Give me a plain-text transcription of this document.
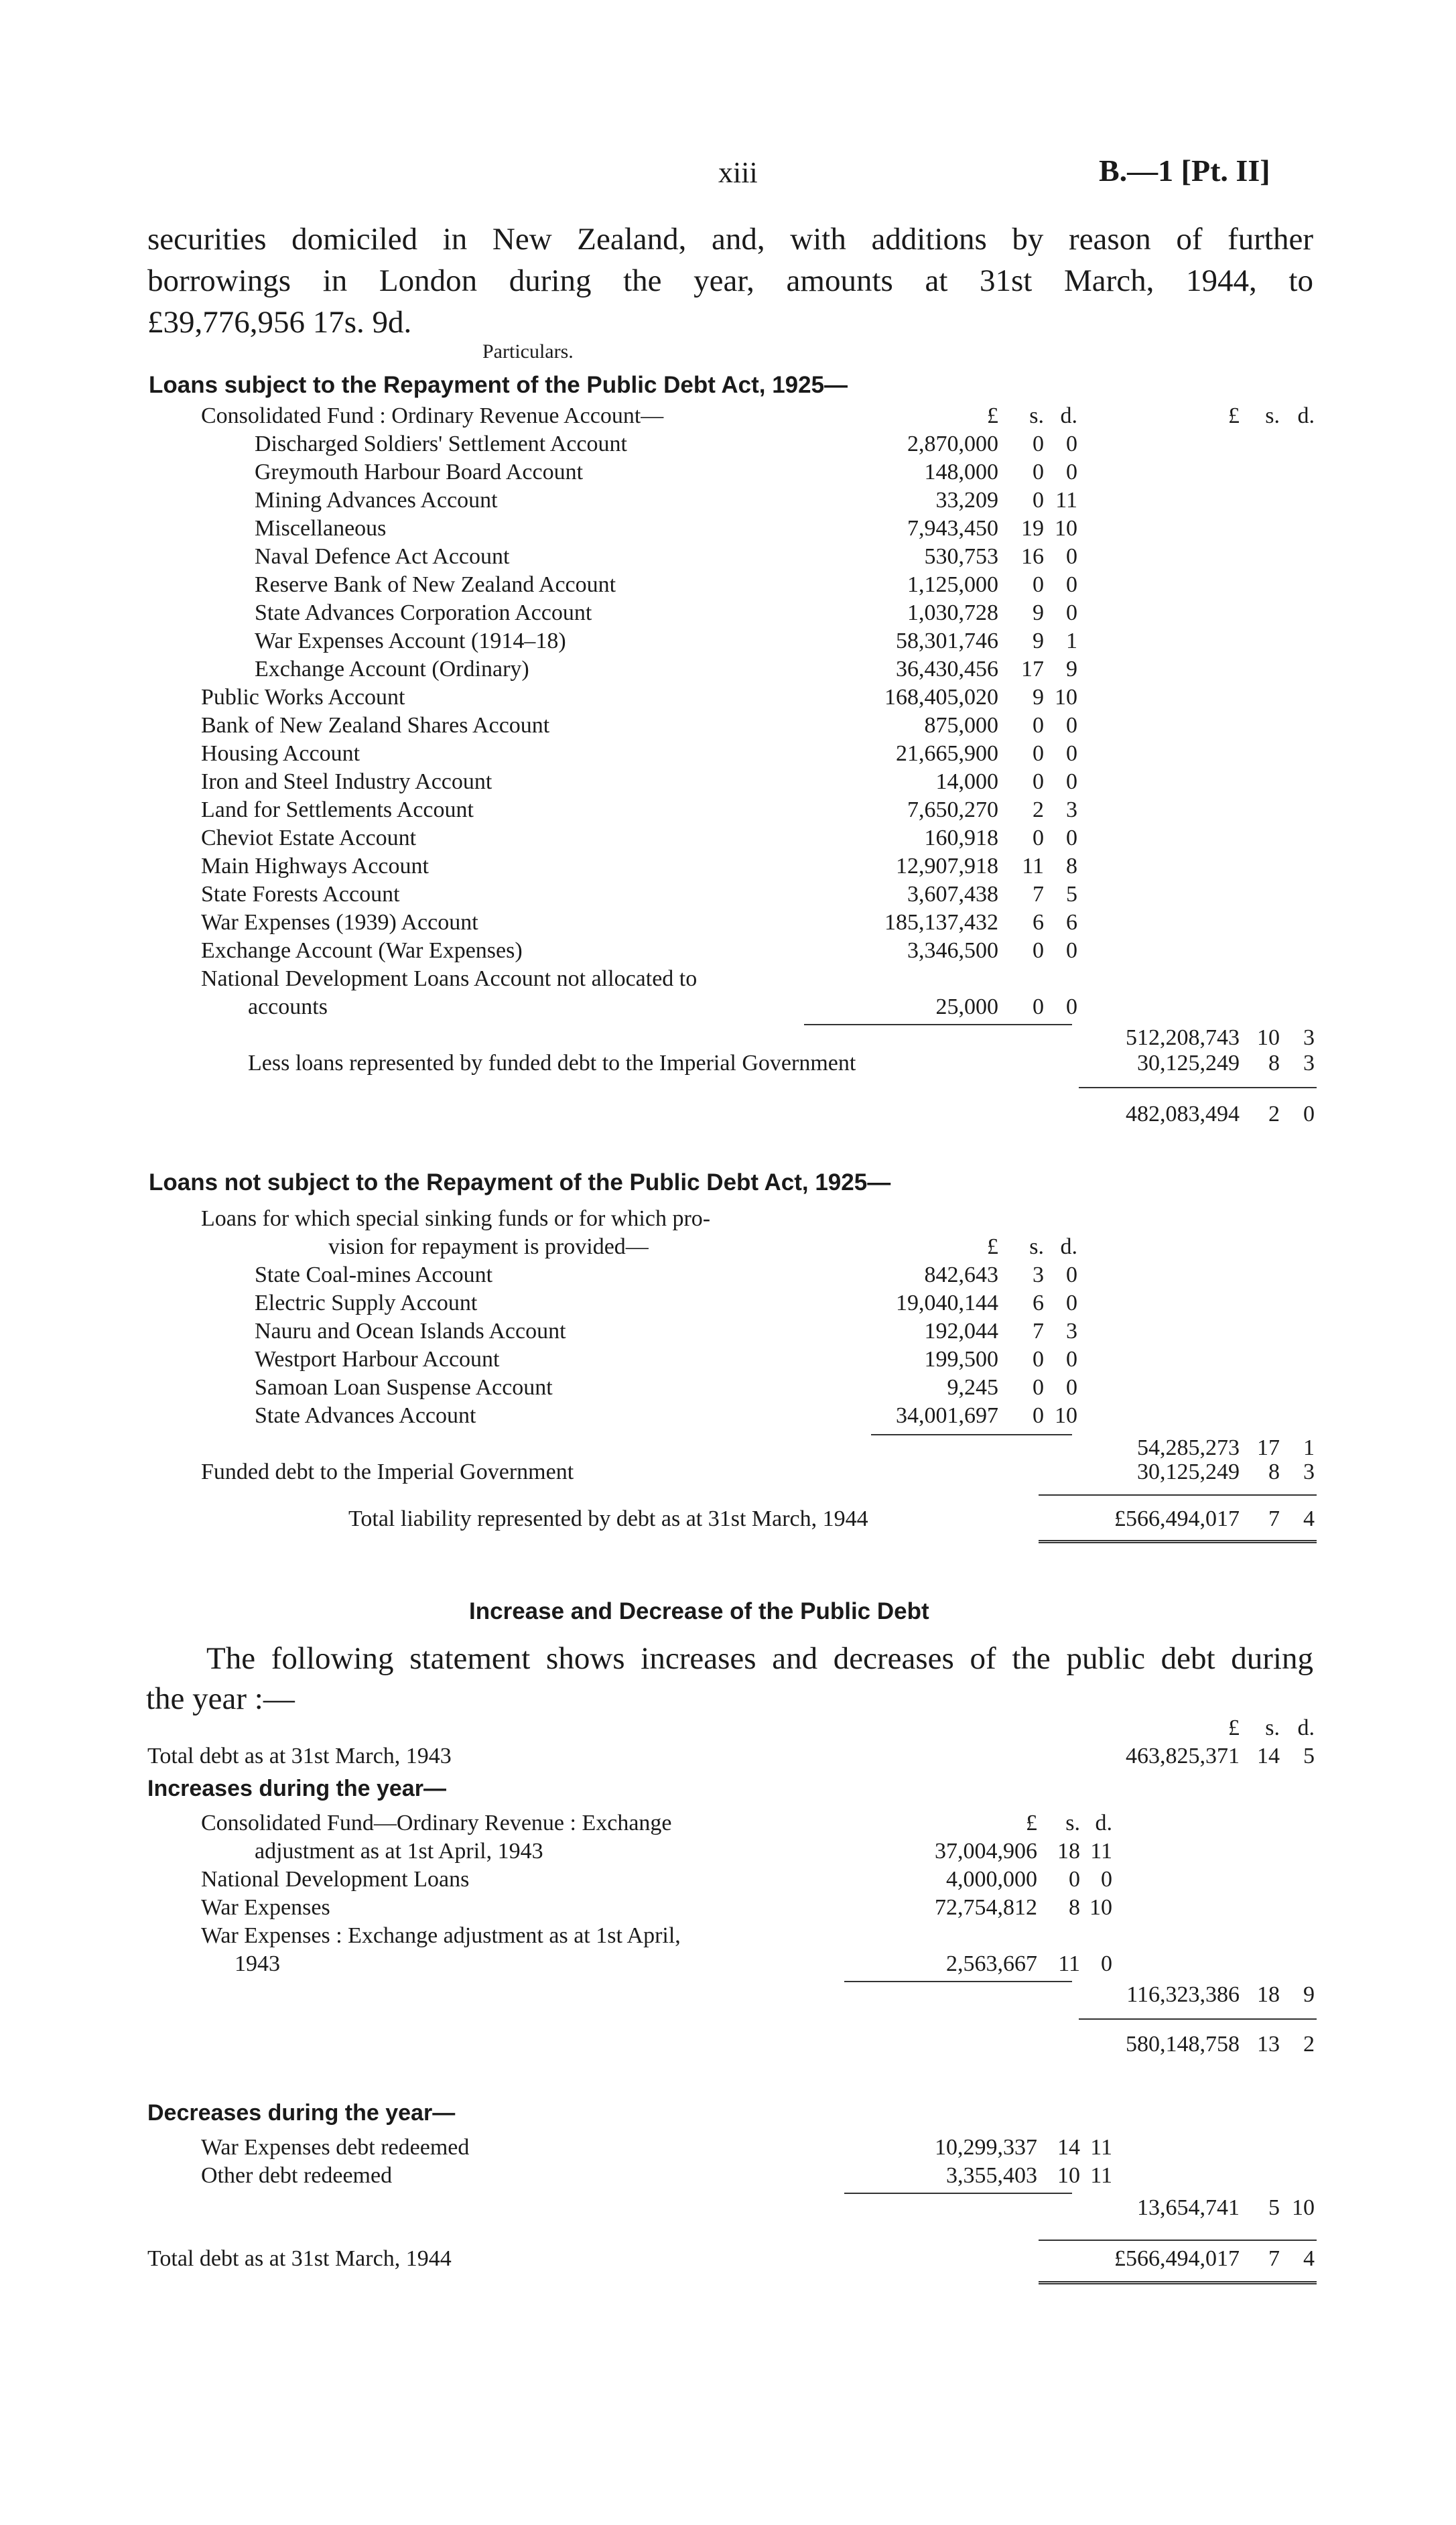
xiii	B.—1 [Pt. II]
securities domiciled in New Zealand, and, with additions by reason of further
borrowings in London during the year, amounts at 31st March, 1944, to
£39,776,956 17s. 9d.
Particulars.
Loans subject to the Repayment of the Public Debt Act, 1925—
£	s. d.	£	s. d.
Consolidated Fund : Ordinary Revenue Account—
Discharged Soldiers' Settlement Account	2,870,000	0 0
Greymouth Harbour Board Account	148,000	0 0
Mining Advances Account	33,209	0 11
Miscellaneous	7,943,450	19 10
Naval Defence Act Account	530,753	16 0
Reserve Bank of New Zealand Account	1,125,000	0 0
State Advances Corporation Account	1,030,728	9 0
War Expenses Account (1914–18)	58,301,746	9 1
Exchange Account (Ordinary)	36,430,456	17 9
Public Works Account	168,405,020	9 10
Bank of New Zealand Shares Account	875,000	0 0
Housing Account	21,665,900	0 0
Iron and Steel Industry Account	14,000	0 0
Land for Settlements Account	7,650,270	2 3
Cheviot Estate Account	160,918	0 0
Main Highways Account	12,907,918	11 8
State Forests Account	3,607,438	7 5
War Expenses (1939) Account	185,137,432	6 6
Exchange Account (War Expenses)	3,346,500	0 0
National Development Loans Account not allocated to
accounts	25,000	0 0
512,208,743 10	3
Less loans represented by funded debt to the Imperial Government	30,125,249	8	3
482,083,494	2	0
Loans not subject to the Repayment of the Public Debt Act, 1925—
Loans for which special sinking funds or for which pro-
vision for repayment is provided—	£	s. d.
State Coal-mines Account	842,643	3 0
Electric Supply Account	19,040,144	6 0
Nauru and Ocean Islands Account	192,044	7 3
Westport Harbour Account	199,500	0 0
Samoan Loan Suspense Account	9,245	0 0
State Advances Account	34,001,697	0 10
54,285,273 17	1
Funded debt to the Imperial Government	30,125,249	8	3
Total liability represented by debt as at 31st March, 1944	£566,494,017	7	4
Increase and Decrease of the Public Debt
The following statement shows increases and decreases of the public debt during
the year :—
£	s. d.
Total debt as at 31st March, 1943	463,825,371 14	5
Increases during the year—
Consolidated Fund—Ordinary Revenue : Exchange	£	s. d.
adjustment as at 1st April, 1943	37,004,906 18 11
National Development Loans	4,000,000	0 0
War Expenses	72,754,812	8 10
War Expenses : Exchange adjustment as at 1st April,
1943	2,563,667 11 0
116,323,386 18	9
580,148,758 13	2
Decreases during the year—
War Expenses debt redeemed	10,299,337 14 11
Other debt redeemed	3,355,403 10 11
13,654,741	5 10
Total debt as at 31st March, 1944	£566,494,017	7	4
